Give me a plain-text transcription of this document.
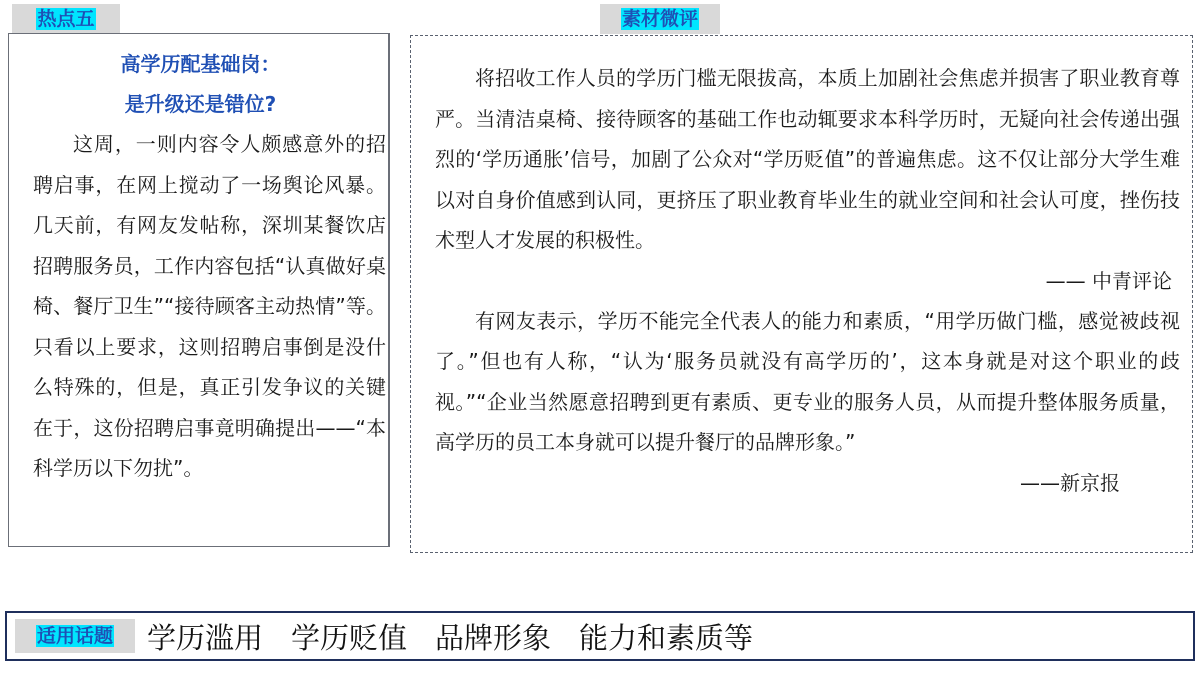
热点五	素材微评
高学历配基础岗：
是升级还是错位?

这周，一则内容令人颇感意外的招聘启事，在网上搅动了一场舆论风暴。几天前，有网友发帖称，深圳某餐饮店招聘服务员，工作内容包括“认真做好桌椅、餐厅卫生”“接待顾客主动热情”等。只看以上要求，这则招聘启事倒是没什么特殊的，但是，真正引发争议的关键在于，这份招聘启事竟明确提出——“本科学历以下勿扰”。

将招收工作人员的学历门槛无限拔高，本质上加剧社会焦虑并损害了职业教育尊严。当清洁桌椅、接待顾客的基础工作也动辄要求本科学历时，无疑向社会传递出强烈的‘学历通胀’信号，加剧了公众对“学历贬值”的普遍焦虑。这不仅让部分大学生难以对自身价值感到认同，更挤压了职业教育毕业生的就业空间和社会认可度，挫伤技术型人才发展的积极性。

—— 中青评论

有网友表示，学历不能完全代表人的能力和素质，“用学历做门槛，感觉被歧视了。”但也有人称，“认为‘服务员就没有高学历的’，这本身就是对这个职业的歧视。”“企业当然愿意招聘到更有素质、更专业的服务人员，从而提升整体服务质量，高学历的员工本身就可以提升餐厅的品牌形象。”

——新京报
适用话题 学历滥用 学历贬值 品牌形象 能力和素质等
